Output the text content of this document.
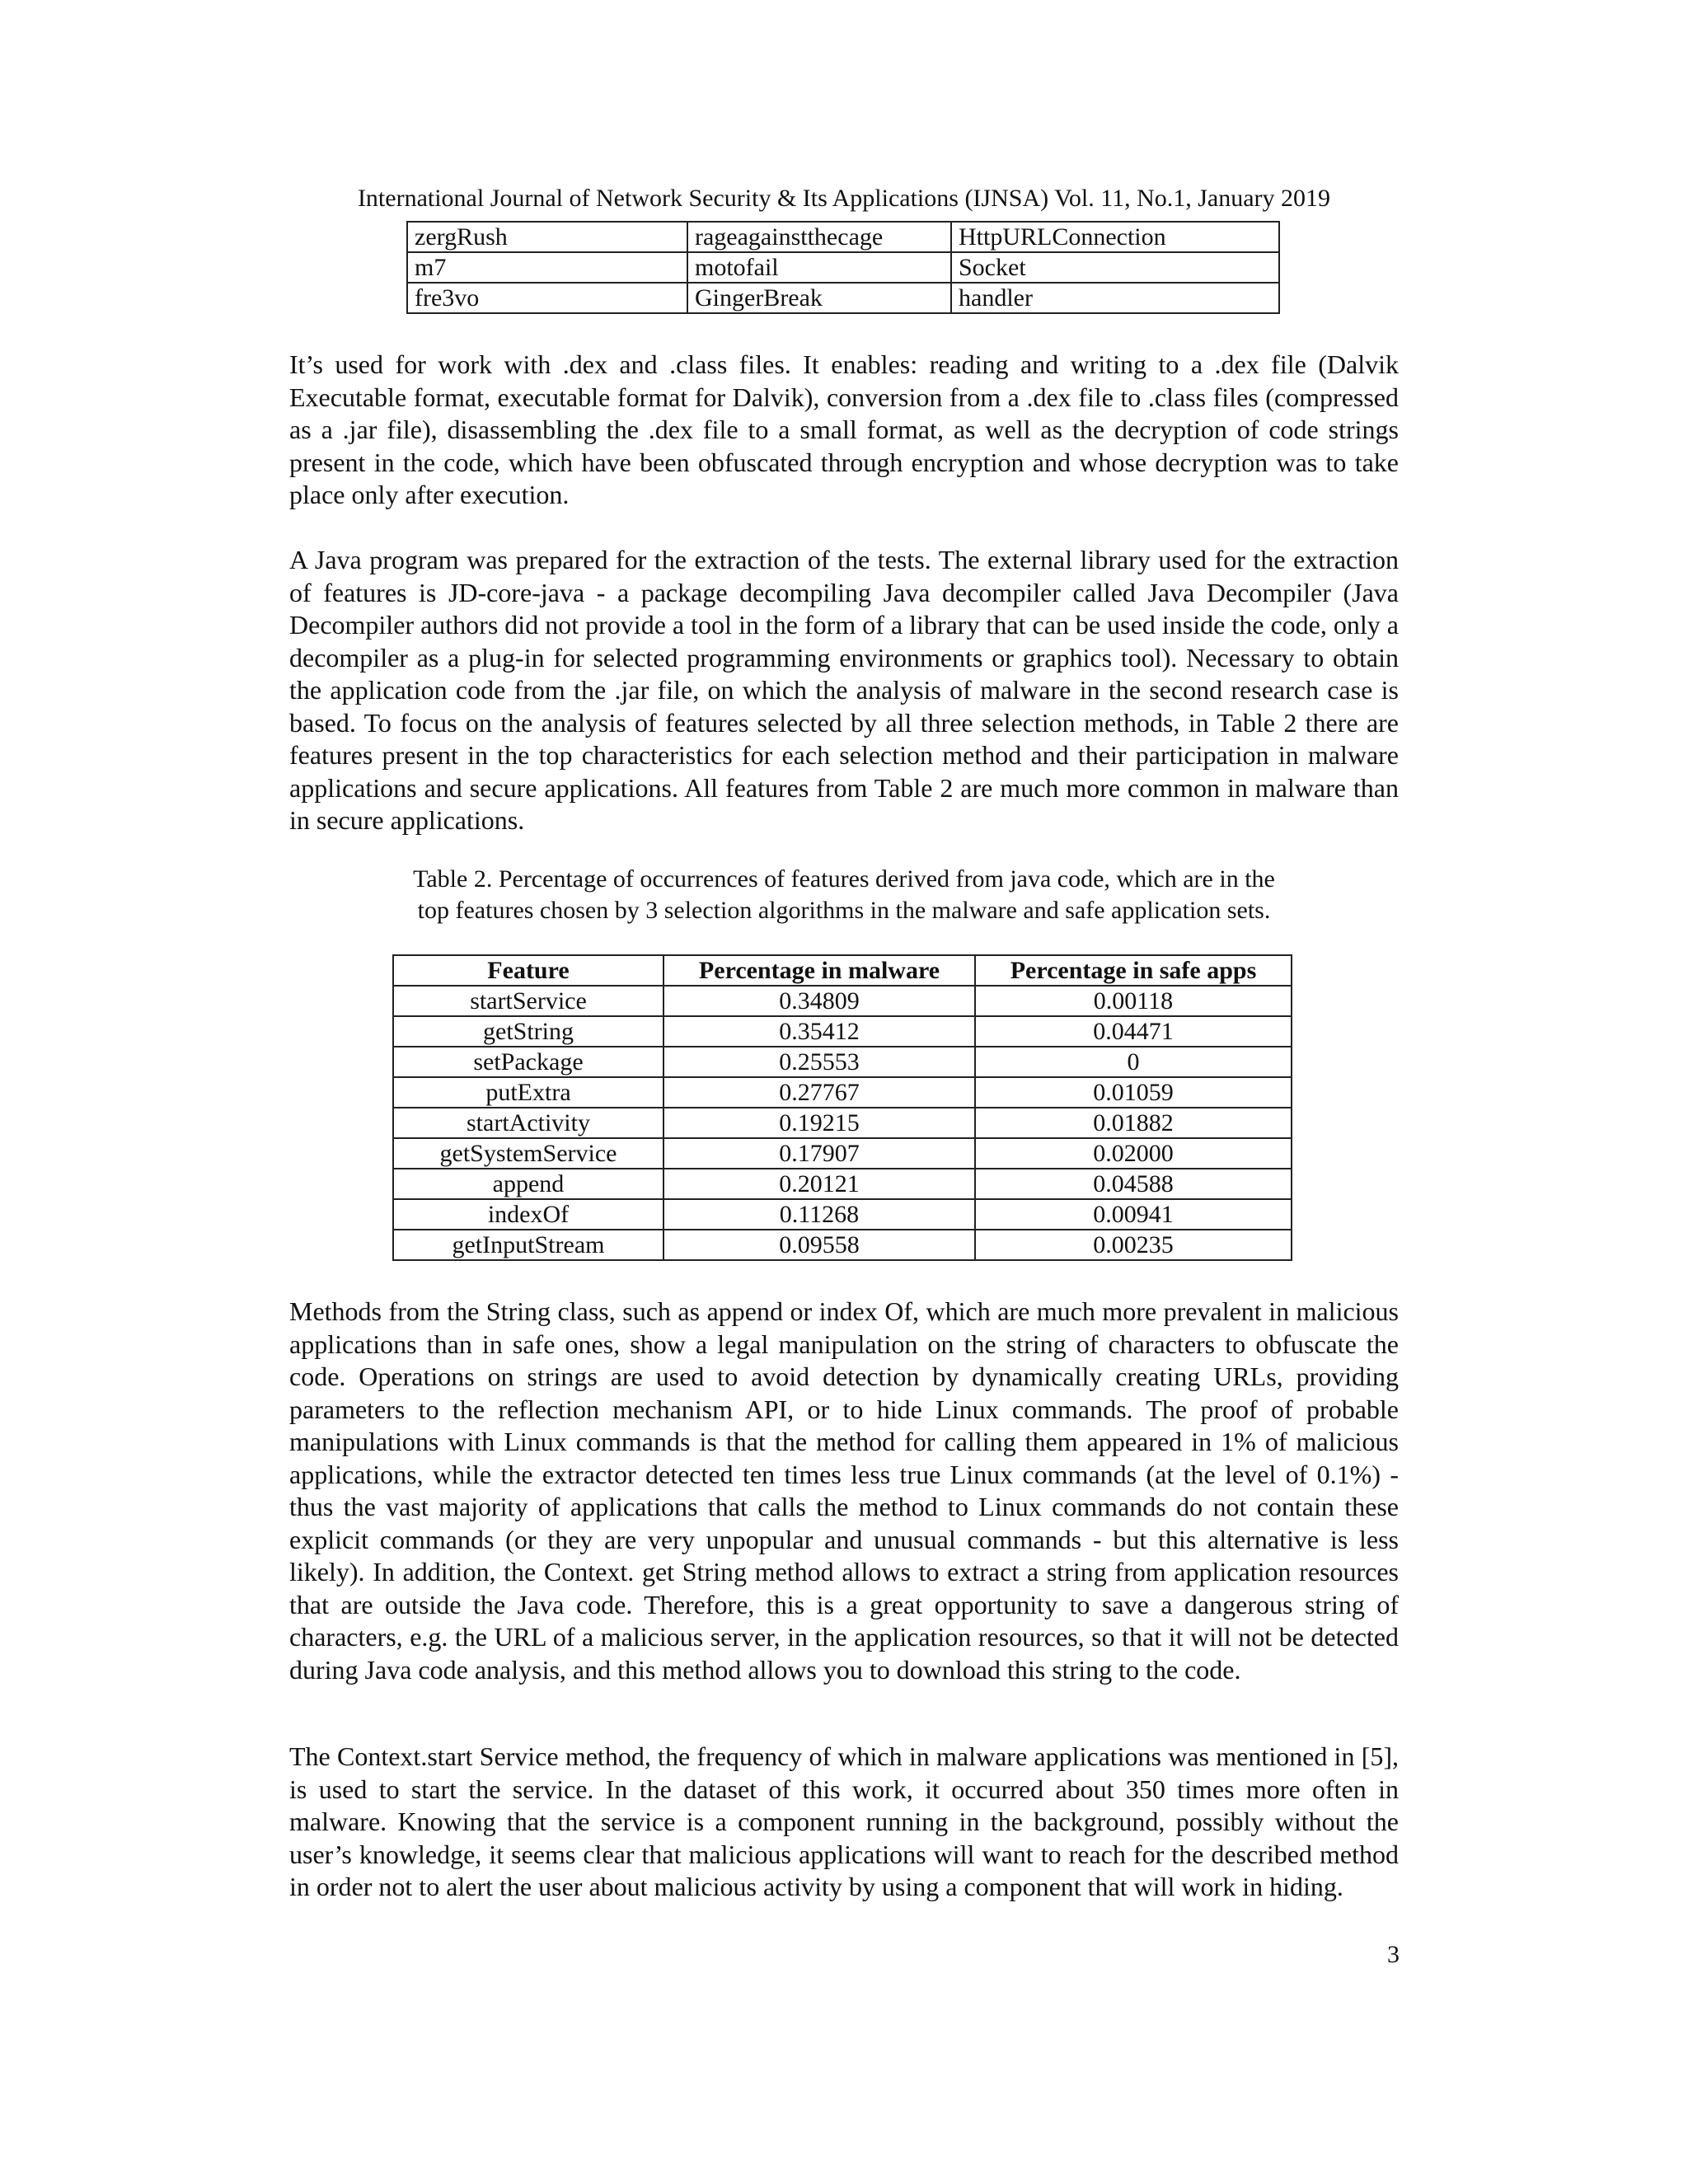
International Journal of Network Security & Its Applications (IJNSA) Vol. 11, No.1, January 2019
zergRush	rageagainstthecage	HttpURLConnection
m7	motofail	Socket
fre3vo	GingerBreak	handler

It’s used for work with .dex and .class files. It enables: reading and writing to a .dex file (Dalvik Executable format, executable format for Dalvik), conversion from a .dex file to .class files (compressed as a .jar file), disassembling the .dex file to a small format, as well as the decryption of code strings present in the code, which have been obfuscated through encryption and whose decryption was to take place only after execution.

A Java program was prepared for the extraction of the tests. The external library used for the extraction of features is JD-core-java - a package decompiling Java decompiler called Java Decompiler (Java Decompiler authors did not provide a tool in the form of a library that can be used inside the code, only a decompiler as a plug-in for selected programming environments or graphics tool). Necessary to obtain the application code from the .jar file, on which the analysis of malware in the second research case is based. To focus on the analysis of features selected by all three selection methods, in Table 2 there are features present in the top characteristics for each selection method and their participation in malware applications and secure applications. All features from Table 2 are much more common in malware than in secure applications.

Table 2. Percentage of occurrences of features derived from java code, which are in the
top features chosen by 3 selection algorithms in the malware and safe application sets.
Feature	Percentage in malware	Percentage in safe apps
startService	0.34809	0.00118
getString	0.35412	0.04471
setPackage	0.25553	0
putExtra	0.27767	0.01059
startActivity	0.19215	0.01882
getSystemService	0.17907	0.02000
append	0.20121	0.04588
indexOf	0.11268	0.00941
getInputStream	0.09558	0.00235

Methods from the String class, such as append or index Of, which are much more prevalent in malicious applications than in safe ones, show a legal manipulation on the string of characters to obfuscate the code. Operations on strings are used to avoid detection by dynamically creating URLs, providing parameters to the reflection mechanism API, or to hide Linux commands. The proof of probable manipulations with Linux commands is that the method for calling them appeared in 1% of malicious applications, while the extractor detected ten times less true Linux commands (at the level of 0.1%) - thus the vast majority of applications that calls the method to Linux commands do not contain these explicit commands (or they are very unpopular and unusual commands - but this alternative is less likely). In addition, the Context. get String method allows to extract a string from application resources that are outside the Java code. Therefore, this is a great opportunity to save a dangerous string of characters, e.g. the URL of a malicious server, in the application resources, so that it will not be detected during Java code analysis, and this method allows you to download this string to the code.

The Context.start Service method, the frequency of which in malware applications was mentioned in [5], is used to start the service. In the dataset of this work, it occurred about 350 times more often in malware. Knowing that the service is a component running in the background, possibly without the user’s knowledge, it seems clear that malicious applications will want to reach for the described method in order not to alert the user about malicious activity by using a component that will work in hiding.

3
